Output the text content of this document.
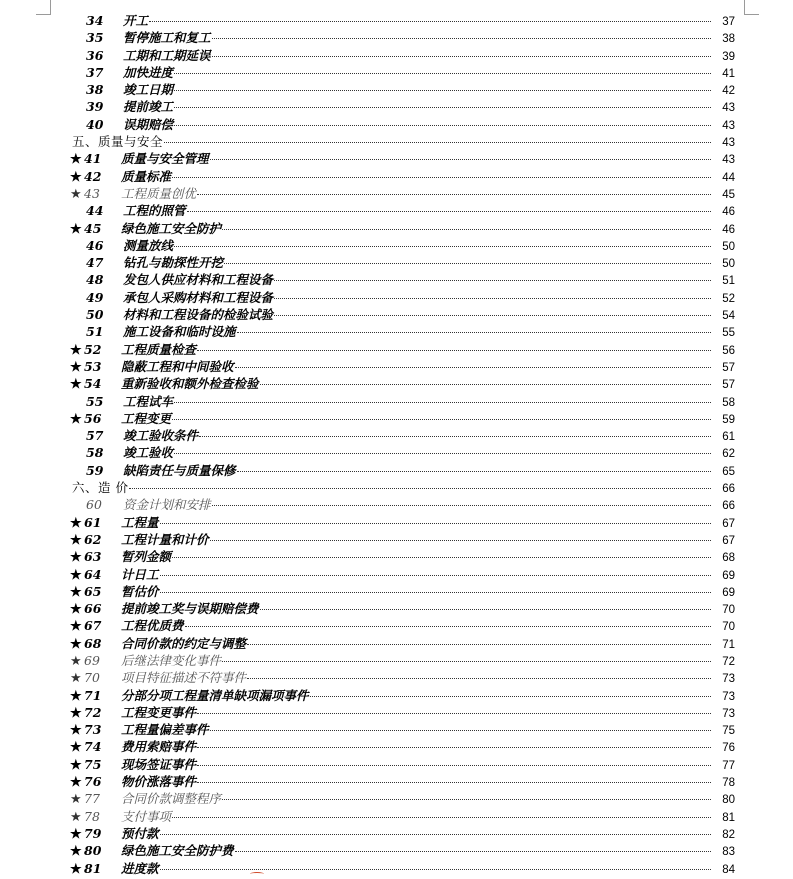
34	开工	37
35	暂停施工和复工	38
36	工期和工期延误	39
37	加快进度	41
38	竣工日期	42
39	提前竣工	43
40	误期赔偿	43
五、质量与安全	43
★ 41	质量与安全管理	43
★ 42	质量标准	44
★ 43	工程质量创优	45
44	工程的照管	46
★ 45	绿色施工安全防护	46
46	测量放线	50
47	钻孔与勘探性开挖	50
48	发包人供应材料和工程设备	51
49	承包人采购材料和工程设备	52
50	材料和工程设备的检验试验	54
51	施工设备和临时设施	55
★ 52	工程质量检查	56
★ 53	隐蔽工程和中间验收	57
★ 54	重新验收和额外检查检验	57
55	工程试车	58
★ 56	工程变更	59
57	竣工验收条件	61
58	竣工验收	62
59	缺陷责任与质量保修	65
六、造 价	66
60	资金计划和安排	66
★ 61	工程量	67
★ 62	工程计量和计价	67
★ 63	暂列金额	68
★ 64	计日工	69
★ 65	暂估价	69
★ 66	提前竣工奖与误期赔偿费	70
★ 67	工程优质费	70
★ 68	合同价款的约定与调整	71
★ 69	后继法律变化事件	72
★ 70	项目特征描述不符事件	73
★ 71	分部分项工程量清单缺项漏项事件	73
★ 72	工程变更事件	73
★ 73	工程量偏差事件	75
★ 74	费用索赔事件	76
★ 75	现场签证事件	77
★ 76	物价涨落事件	78
★ 77	合同价款调整程序	80
★ 78	支付事项	81
★ 79	预付款	82
★ 80	绿色施工安全防护费	83
★ 81	进度款	84
